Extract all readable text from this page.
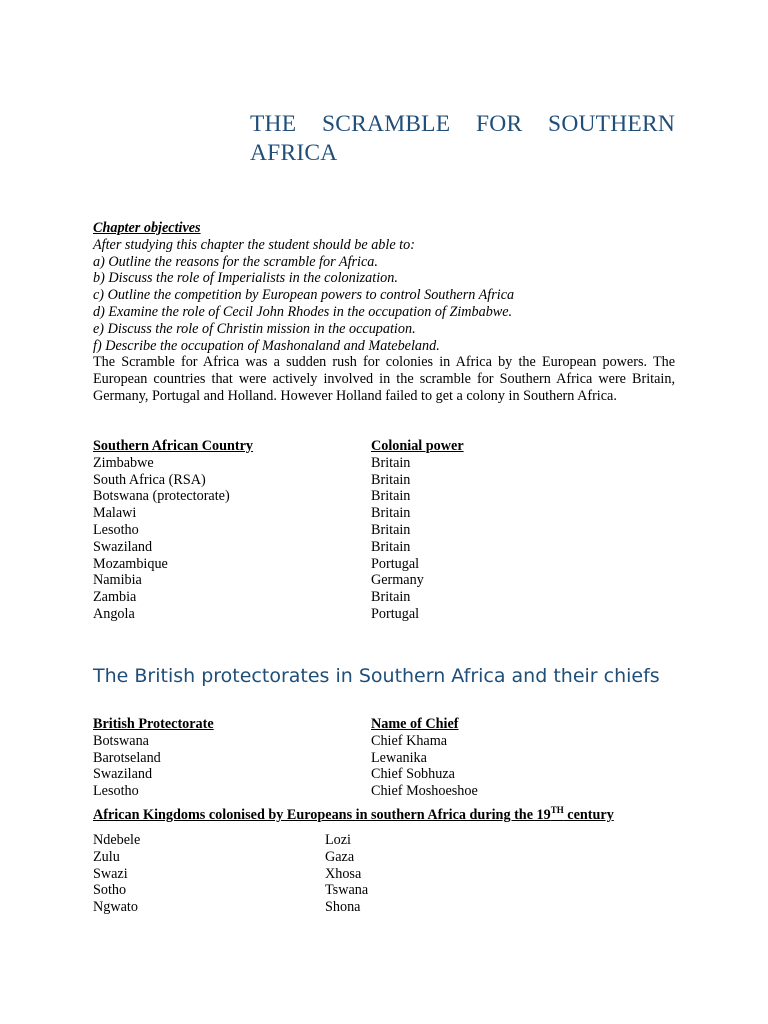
THE SCRAMBLE FOR SOUTHERN AFRICA
Chapter objectives
After studying this chapter the student should be able to:
a) Outline the reasons for the scramble for Africa.
b) Discuss the role of Imperialists in the colonization.
c) Outline the competition by European powers to control Southern Africa
d) Examine the role of Cecil John Rhodes in the occupation of Zimbabwe.
e) Discuss the role of Christin mission in the occupation.
f) Describe the occupation of Mashonaland and Matebeland.
The Scramble for Africa was a sudden rush for colonies in Africa by the European powers. The European countries that were actively involved in the scramble for Southern Africa were Britain, Germany, Portugal and Holland. However Holland failed to get a colony in Southern Africa.
Southern African Country	Colonial power
Zimbabwe	Britain
South Africa (RSA)	Britain
Botswana (protectorate)	Britain
Malawi	Britain
Lesotho	Britain
Swaziland	Britain
Mozambique	Portugal
Namibia	Germany
Zambia	Britain
Angola	Portugal
The British protectorates in Southern Africa and their chiefs
British Protectorate	Name of Chief
Botswana	Chief Khama
Barotseland	Lewanika
Swaziland	Chief Sobhuza
Lesotho	Chief Moshoeshoe
African Kingdoms colonised by Europeans in southern Africa during the 19TH century
Ndebele	Lozi
Zulu	Gaza
Swazi	Xhosa
Sotho	Tswana
Ngwato	Shona
